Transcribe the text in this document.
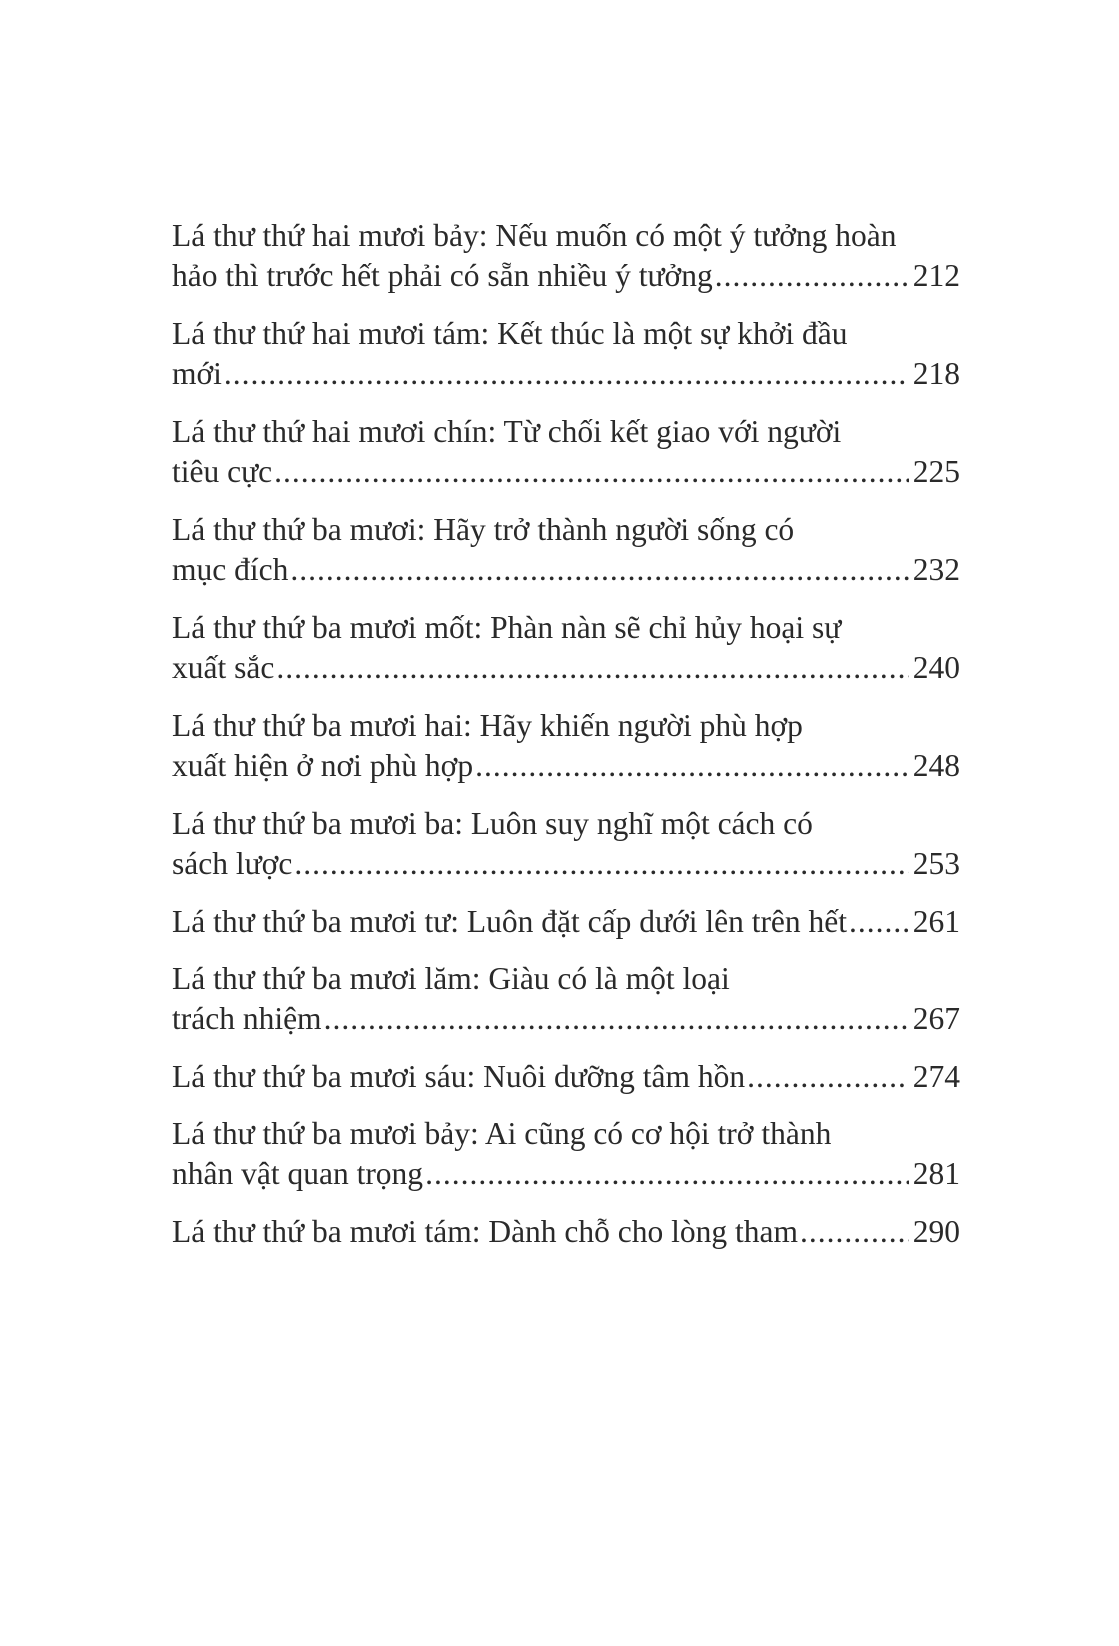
Lá thư thứ hai mươi bảy: Nếu muốn có một ý tưởng hoàn
hảo thì trước hết phải có sẵn nhiều ý tưởng .....	212
Lá thư thứ hai mươi tám: Kết thúc là một sự khởi đầu
mới .....	218
Lá thư thứ hai mươi chín: Từ chối kết giao với người
tiêu cực .....	225
Lá thư thứ ba mươi: Hãy trở thành người sống có
mục đích .....	232
Lá thư thứ ba mươi mốt: Phàn nàn sẽ chỉ hủy hoại sự
xuất sắc .....	240
Lá thư thứ ba mươi hai: Hãy khiến người phù hợp
xuất hiện ở nơi phù hợp .....	248
Lá thư thứ ba mươi ba: Luôn suy nghĩ một cách có
sách lược .....	253
Lá thư thứ ba mươi tư: Luôn đặt cấp dưới lên trên hết ..... 261
Lá thư thứ ba mươi lăm: Giàu có là một loại
trách nhiệm .....	267
Lá thư thứ ba mươi sáu: Nuôi dưỡng tâm hồn .....	274
Lá thư thứ ba mươi bảy: Ai cũng có cơ hội trở thành
nhân vật quan trọng .....	281
Lá thư thứ ba mươi tám: Dành chỗ cho lòng tham .....	290
